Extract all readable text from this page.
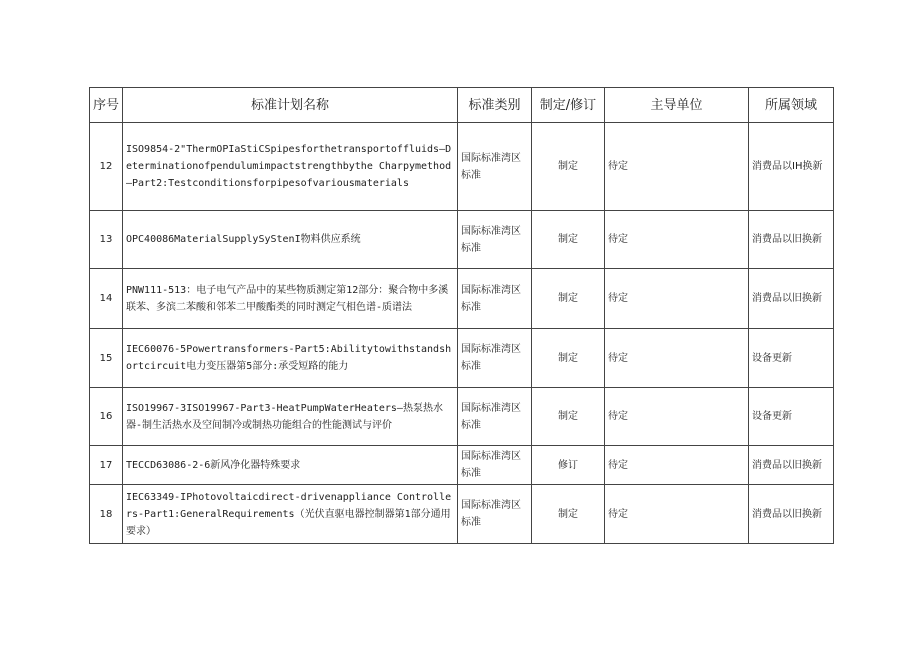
序号	标准计划名称	标准类别	制定/修订	主导单位	所属领域
12	ISO9854-2"ThermOPIaStiCSpipesforthetransportoffluids—Determinationofpendulumimpactstrengthbythe Charpymethod—Part2:Testconditionsforpipesofvariousmaterials	国际标准湾区标准	制定	待定	消费品以IH换新
13	OPC40086MaterialSupplySyStenI物料供应系统	国际标准湾区标准	制定	待定	消费品以旧换新
14	PNW111-513：电子电气产品中的某些物质测定第12部分：聚合物中多溪联苯、多滨二苯酸和邻苯二甲酸酯类的同时测定气相色谱-质谱法	国际标准湾区标准	制定	待定	消费品以旧换新
15	IEC60076-5Powertransformers-Part5:Abilitytowithstandshortcircuit电力变压器第5部分:承受短路的能力	国际标准湾区标准	制定	待定	设备更新
16	ISO19967-3ISO19967-Part3-HeatPumpWaterHeaters—热泵热水器-制生活热水及空间制冷或制热功能组合的性能测试与评价	国际标准湾区标准	制定	待定	设备更新
17	TECCD63086-2-6新风净化器特殊要求	国际标准湾区标准	修订	待定	消费品以旧换新
18	IEC63349-IPhotovoltaicdirect-drivenappliance Controllers-Part1:GeneralRequirements（光伏直驱电器控制器第1部分通用要求）	国际标准湾区标准	制定	待定	消费品以旧换新
